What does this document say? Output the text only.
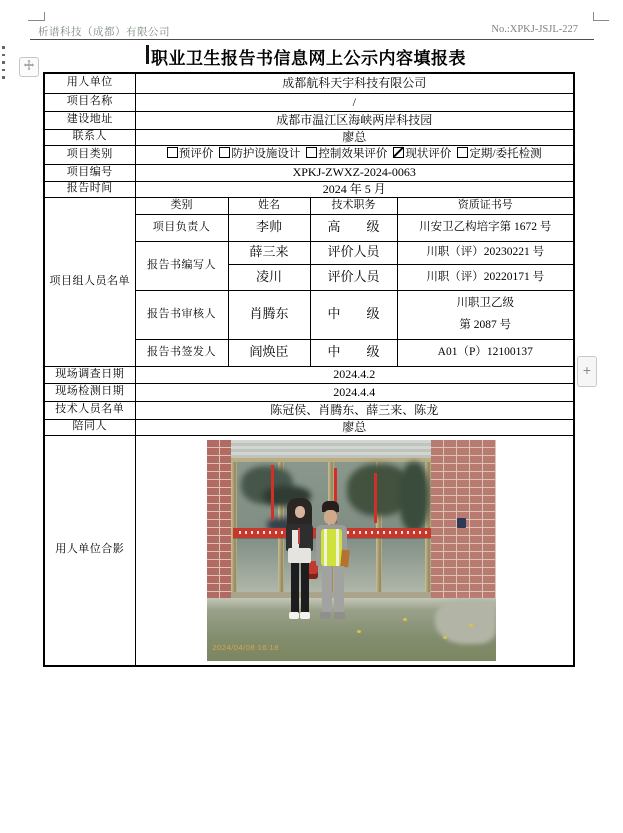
析谱科技（成都）有限公司	No.:XPKJ-JSJL-227
职业卫生报告书信息网上公示内容填报表
+
用人单位	成都航科天宇科技有限公司			
项目名称	/			
建设地址	成都市温江区海峡两岸科技园			
联系人	廖总			
项目类别	预评价 防护设施设计 控制效果评价 现状评价 定期/委托检测			
项目编号	XPKJ-ZWXZ-2024-0063			
报告时间	2024 年 5 月			
项目组人员名单	类别	姓名	技术职务	资质证书号
	项目负责人	李帅	高　　级	川安卫乙构培字第 1672 号
	报告书编写人	薛三来	评价人员	川职（评）20230221 号
		凌川	评价人员	川职（评）20220171 号
	报告书审核人	肖腾东	中　　级	川职卫乙级
第 2087 号

	报告书签发人	阎焕臣	中　　级	A01（P）12100137
现场调查日期	2024.4.2			
现场检测日期	2024.4.4			
技术人员名单	陈冠侯、肖腾东、薛三来、陈龙			
陪同人	廖总			
用人单位合影	2024/04/08 16:18			
